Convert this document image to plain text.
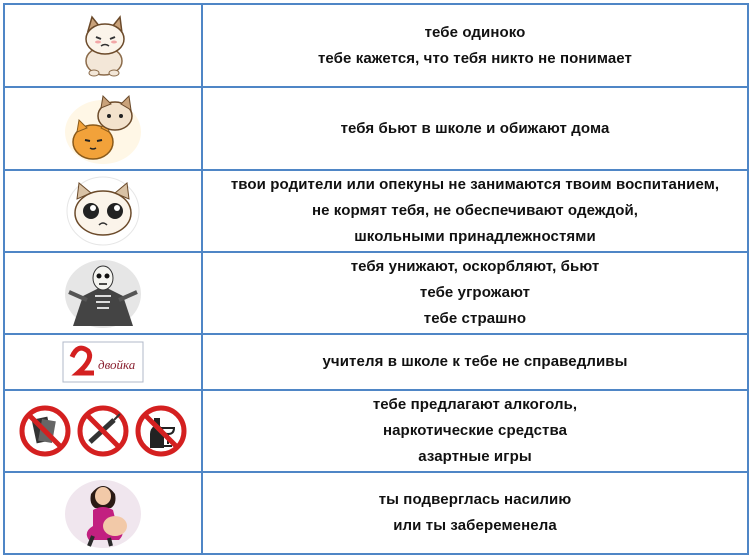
тебе одиноко
тебе кажется, что тебя никто не понимает

тебя бьют в школе и обижают дома

твои родители или опекуны не занимаются твоим воспитанием,
не кормят тебя, не обеспечивают одеждой,
школьными принадлежностями

тебя унижают, оскорбляют, бьют
тебе угрожают
тебе страшно

двойка	учителя в школе к тебе не справедливы

тебе предлагают алкоголь,
наркотические средства
азартные игры

ты подверглась насилию
или ты забеременела
